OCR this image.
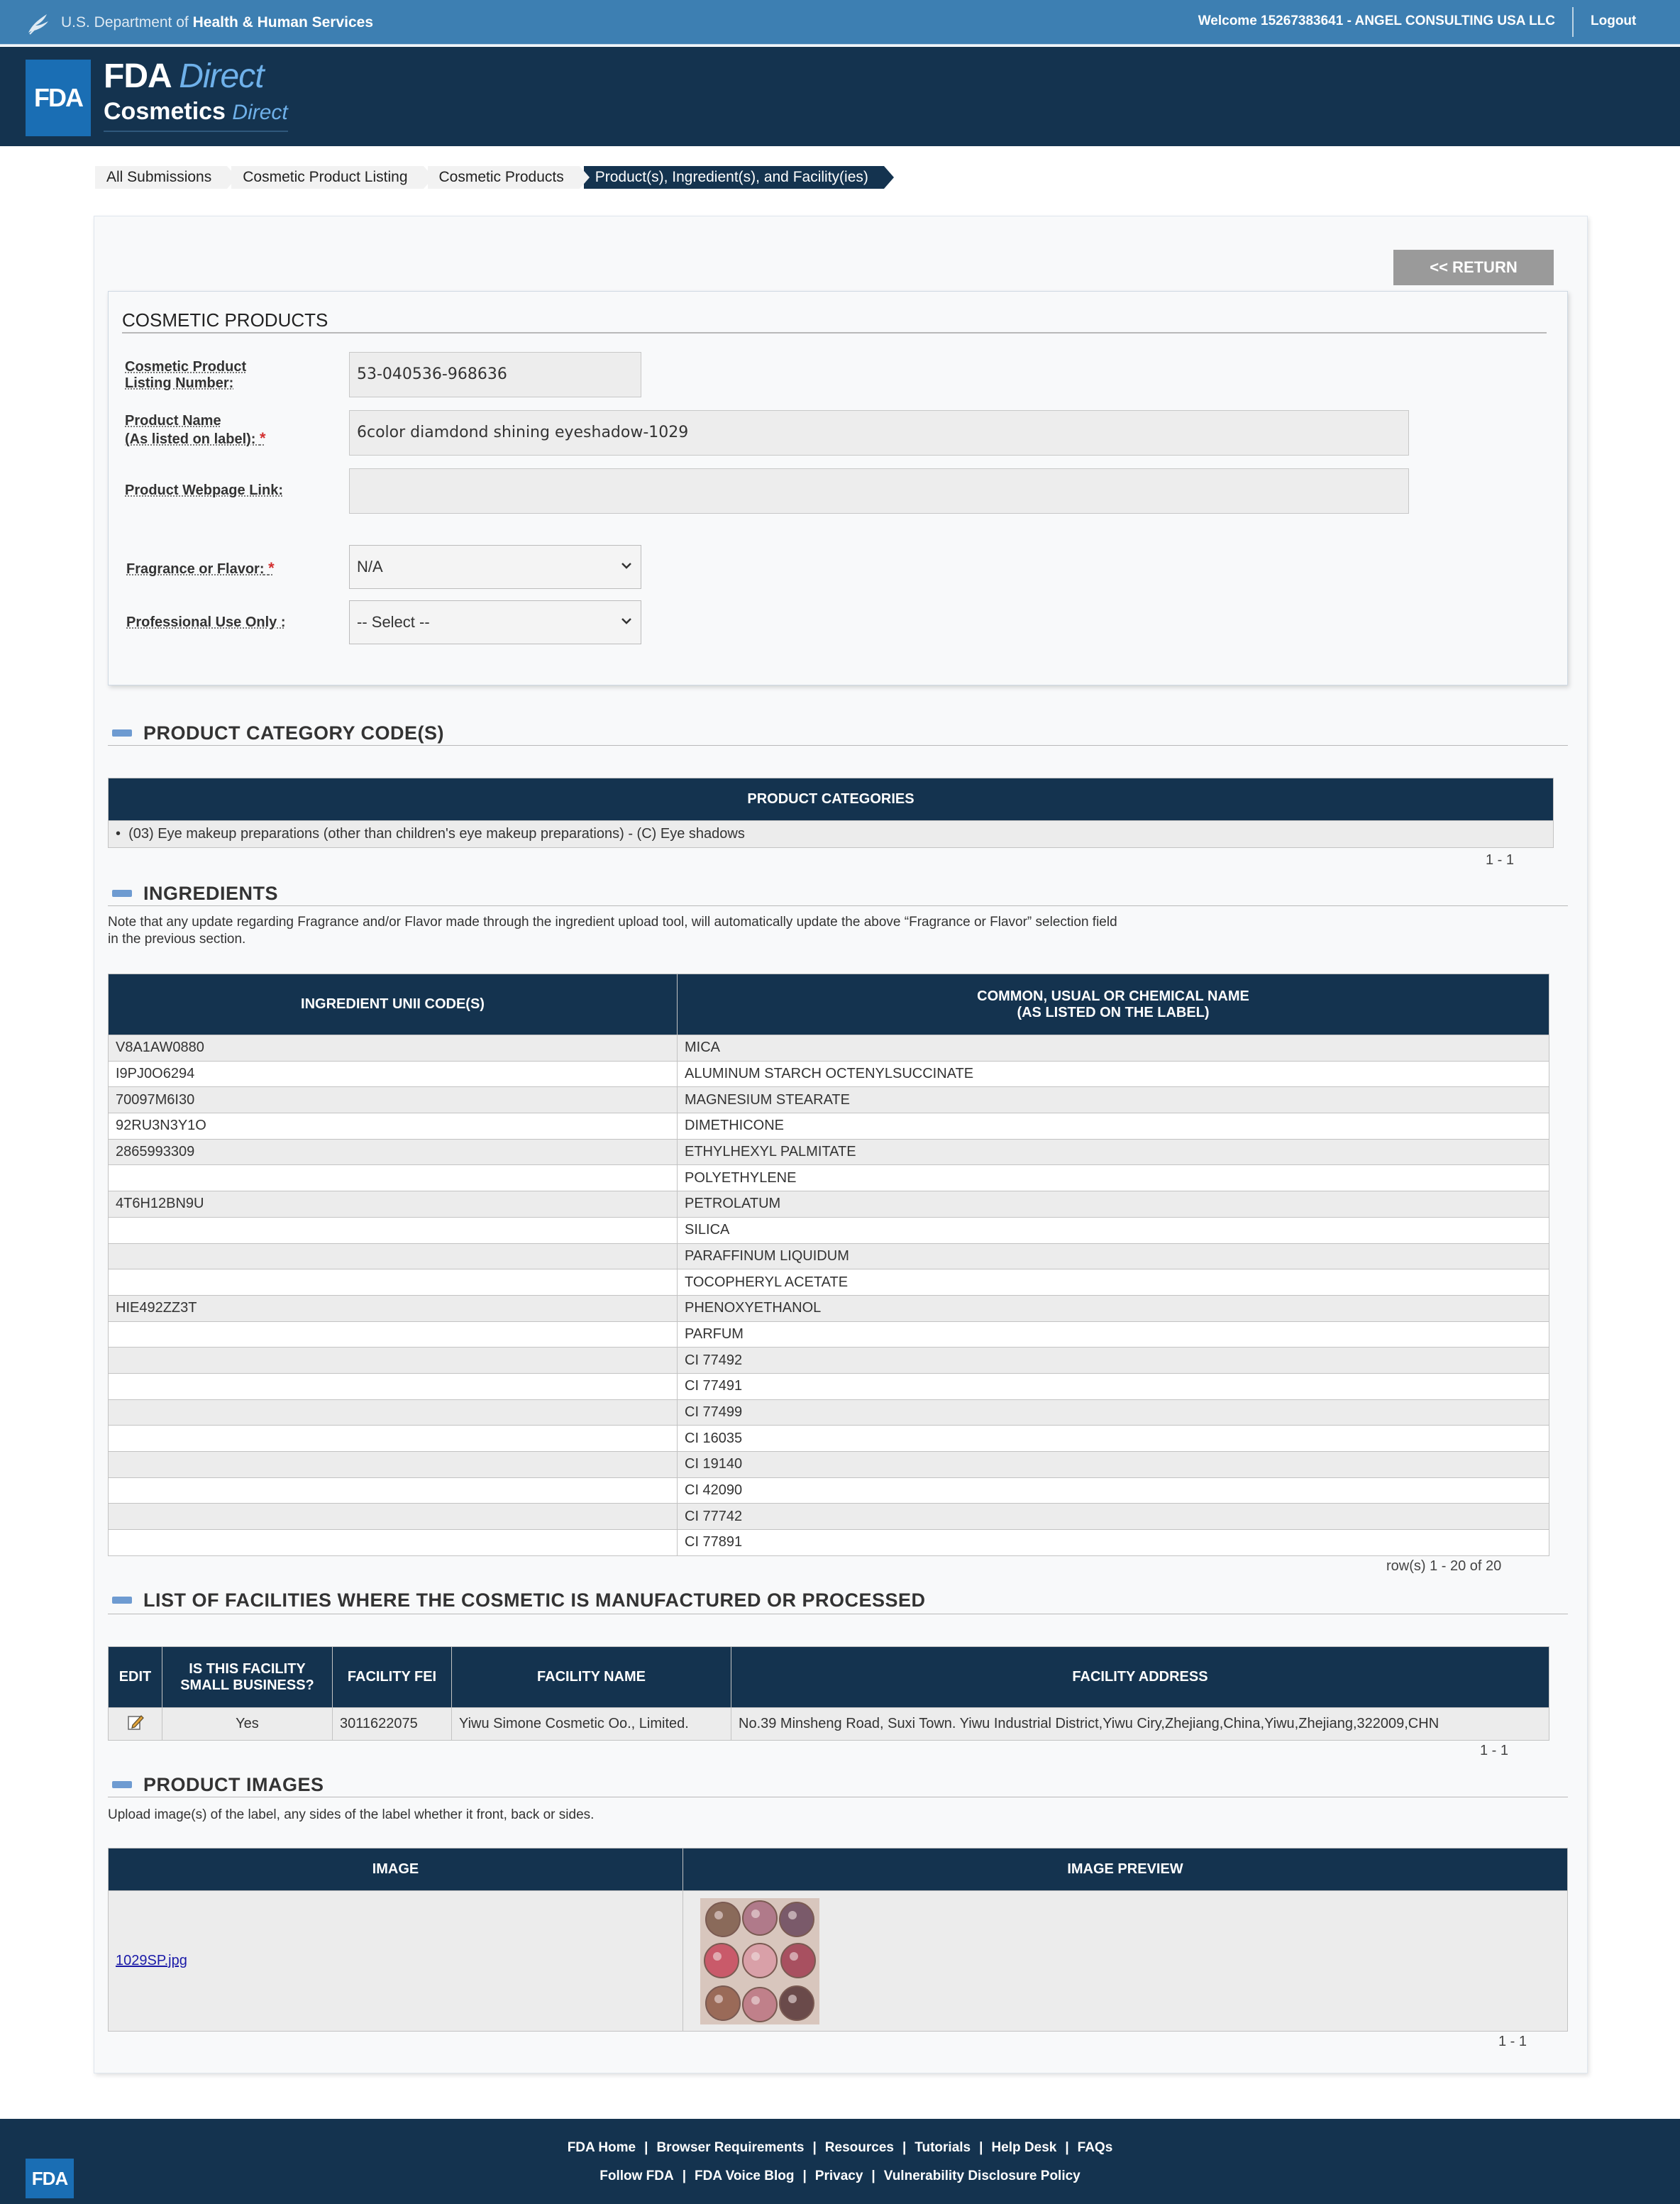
U.S. Department of Health & Human Services	Welcome 15267383641 - ANGEL CONSULTING USA LLC	Logout
FDA
FDA Direct
Cosmetics Direct
All Submissions	Cosmetic Product Listing	Cosmetic Products	Product(s), Ingredient(s), and Facility(ies)
<< RETURN
COSMETIC PRODUCTS
Cosmetic Product
Listing Number:	53-040536-968636
Product Name
(As listed on label): *	6color diamdond shining eyeshadow-1029
Product Webpage Link:
Fragrance or Flavor: *	N/A
Professional Use Only :	-- Select --
PRODUCT CATEGORY CODE(S)
PRODUCT CATEGORIES
•  (03) Eye makeup preparations (other than children's eye makeup preparations) - (C) Eye shadows
1 - 1
INGREDIENTS
Note that any update regarding Fragrance and/or Flavor made through the ingredient upload tool, will automatically update the above “Fragrance or Flavor” selection field
in the previous section.
INGREDIENT UNII CODE(S)	COMMON, USUAL OR CHEMICAL NAME
(AS LISTED ON THE LABEL)
V8A1AW0880	MICA
I9PJ0O6294	ALUMINUM STARCH OCTENYLSUCCINATE
70097M6I30	MAGNESIUM STEARATE
92RU3N3Y1O	DIMETHICONE
2865993309	ETHYLHEXYL PALMITATE
	POLYETHYLENE
4T6H12BN9U	PETROLATUM
	SILICA
	PARAFFINUM LIQUIDUM
	TOCOPHERYL ACETATE
HIE492ZZ3T	PHENOXYETHANOL
	PARFUM
	CI 77492
	CI 77491
	CI 77499
	CI 16035
	CI 19140
	CI 42090
	CI 77742
	CI 77891
row(s) 1 - 20 of 20
LIST OF FACILITIES WHERE THE COSMETIC IS MANUFACTURED OR PROCESSED
EDIT	IS THIS FACILITY
SMALL BUSINESS?	FACILITY FEI	FACILITY NAME	FACILITY ADDRESS
	Yes	3011622075	Yiwu Simone Cosmetic Oo., Limited.	No.39 Minsheng Road, Suxi Town. Yiwu Industrial District,Yiwu Ciry,Zhejiang,China,Yiwu,Zhejiang,322009,CHN
1 - 1
PRODUCT IMAGES
Upload image(s) of the label, any sides of the label whether it front, back or sides.
IMAGE	IMAGE PREVIEW
1029SP.jpg	
1 - 1
FDA
FDA Home | Browser Requirements | Resources | Tutorials | Help Desk | FAQs
Follow FDA | FDA Voice Blog | Privacy | Vulnerability Disclosure Policy
